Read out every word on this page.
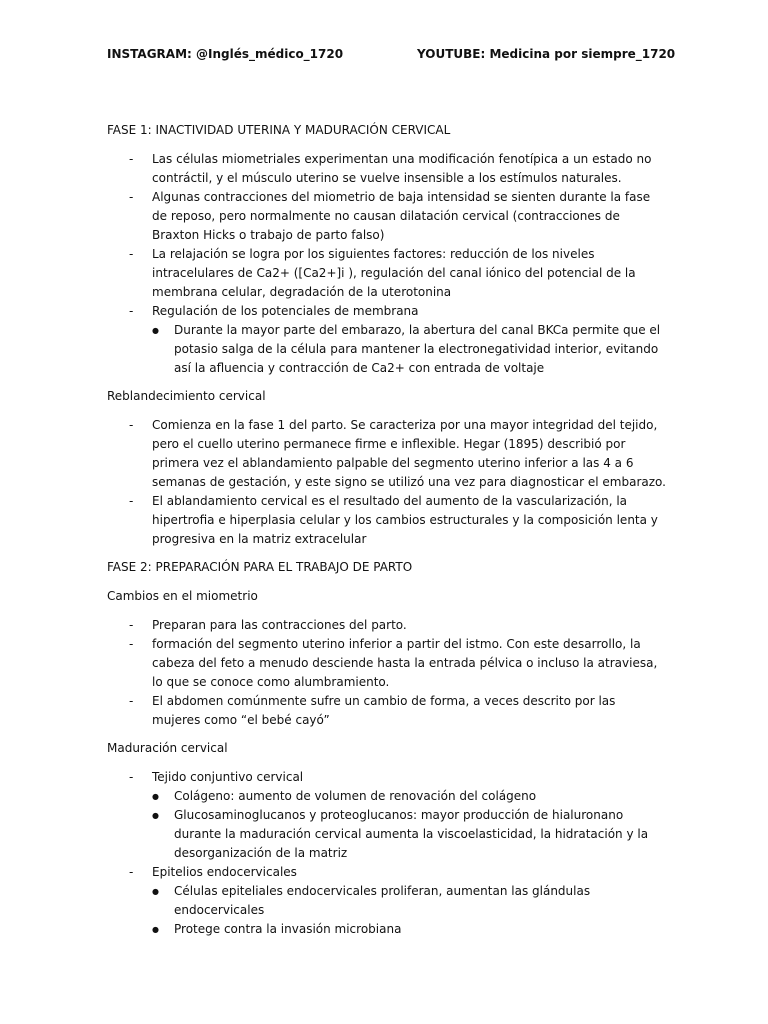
INSTAGRAM: @Inglés_médico_1720	YOUTUBE: Medicina por siempre_1720

FASE 1: INACTIVIDAD UTERINA Y MADURACIÓN CERVICAL

- Las células miometriales experimentan una modificación fenotípica a un estado no contráctil, y el músculo uterino se vuelve insensible a los estímulos naturales.
- Algunas contracciones del miometrio de baja intensidad se sienten durante la fase de reposo, pero normalmente no causan dilatación cervical (contracciones de Braxton Hicks o trabajo de parto falso)
- La relajación se logra por los siguientes factores: reducción de los niveles intracelulares de Ca2+ ([Ca2+]i ), regulación del canal iónico del potencial de la membrana celular, degradación de la uterotonina
- Regulación de los potenciales de membrana
● Durante la mayor parte del embarazo, la abertura del canal BKCa permite que el potasio salga de la célula para mantener la electronegatividad interior, evitando así la afluencia y contracción de Ca2+ con entrada de voltaje

Reblandecimiento cervical

- Comienza en la fase 1 del parto. Se caracteriza por una mayor integridad del tejido, pero el cuello uterino permanece firme e inflexible. Hegar (1895) describió por primera vez el ablandamiento palpable del segmento uterino inferior a las 4 a 6 semanas de gestación, y este signo se utilizó una vez para diagnosticar el embarazo.
- El ablandamiento cervical es el resultado del aumento de la vascularización, la hipertrofia e hiperplasia celular y los cambios estructurales y la composición lenta y progresiva en la matriz extracelular

FASE 2: PREPARACIÓN PARA EL TRABAJO DE PARTO

Cambios en el miometrio

- Preparan para las contracciones del parto.
- formación del segmento uterino inferior a partir del istmo. Con este desarrollo, la cabeza del feto a menudo desciende hasta la entrada pélvica o incluso la atraviesa, lo que se conoce como alumbramiento.
- El abdomen comúnmente sufre un cambio de forma, a veces descrito por las mujeres como “el bebé cayó”

Maduración cervical

- Tejido conjuntivo cervical
● Colágeno: aumento de volumen de renovación del colágeno
● Glucosaminoglucanos y proteoglucanos: mayor producción de hialuronano durante la maduración cervical aumenta la viscoelasticidad, la hidratación y la desorganización de la matriz
- Epitelios endocervicales
● Células epiteliales endocervicales proliferan, aumentan las glándulas endocervicales
● Protege contra la invasión microbiana
